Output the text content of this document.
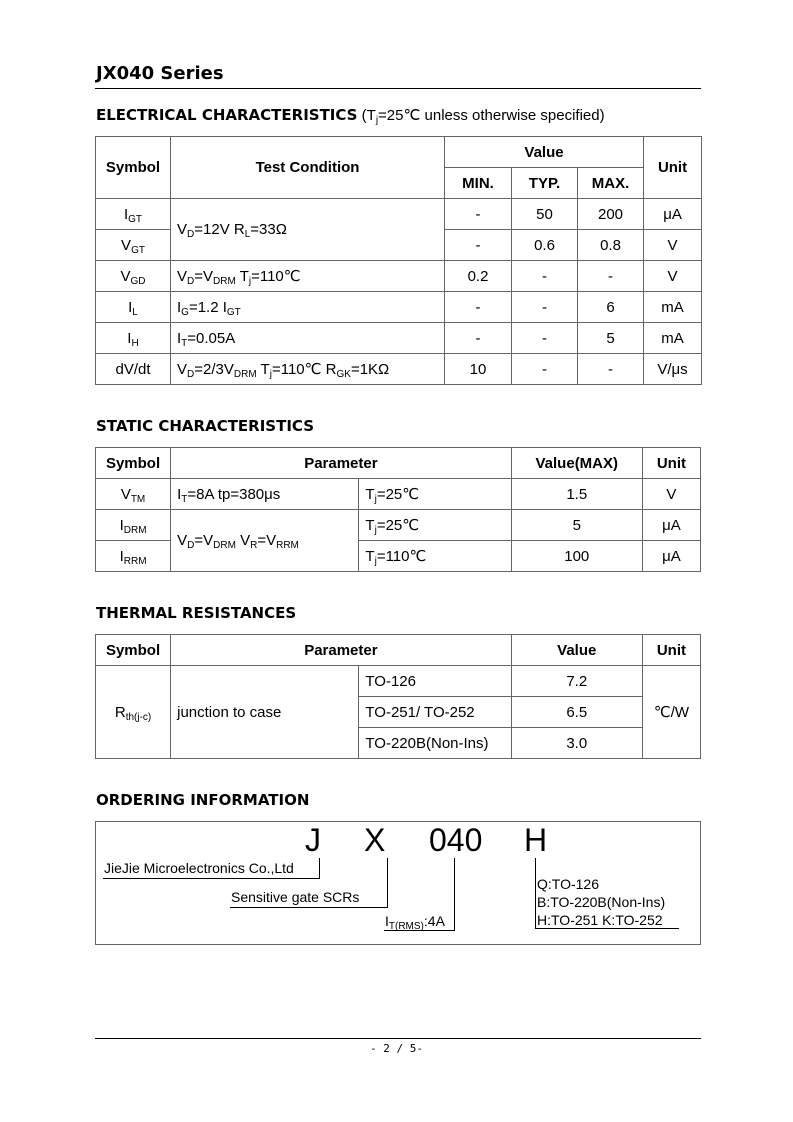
JX040 Series
ELECTRICAL CHARACTERISTICS ($T_j=25℃$ unless otherwise specified)
Symbol	Test Condition	Value			Unit
		MIN.	TYP.	MAX.	
$I_{GT}$	$V_D=12V$ $R_L=33\Omega$	-	50	200	μA
$V_{GT}$		-	0.6	0.8	V
$V_{GD}$	$V_D=V_{DRM}$ $T_j=110℃$	0.2	-	-	V
$I_L$	$I_G=1.2$ $I_{GT}$	-	-	6	mA
$I_H$	$I_T=0.05A$	-	-	5	mA
dV/dt	$V_D=2/3V_{DRM}$ $T_j=110℃$ $R_{GK}=1K\Omega$	10	-	-	V/μs
STATIC CHARACTERISTICS
Symbol	Parameter		Value(MAX)	Unit
$V_{TM}$	$I_T=8A$ tp=380μs	$T_j=25℃$	1.5	V
$I_{DRM}$	$V_D=V_{DRM}$ $V_R=V_{RRM}$	$T_j=25℃$	5	μA
$I_{RRM}$		$T_j=110℃$	100	μA
THERMAL RESISTANCES
Symbol	Parameter		Value	Unit
$R_{th(j-c)}$	junction to case	TO-126	7.2	℃/W
		TO-251/ TO-252	6.5	
		TO-220B(Non-Ins)	3.0	
ORDERING INFORMATION
J X 040 H
JieJie Microelectronics Co.,Ltd
Sensitive gate SCRs
$I_{T(RMS)}:4A$
Q:TO-126
B:TO-220B(Non-Ins)
H:TO-251 K:TO-252
- 2 / 5-
